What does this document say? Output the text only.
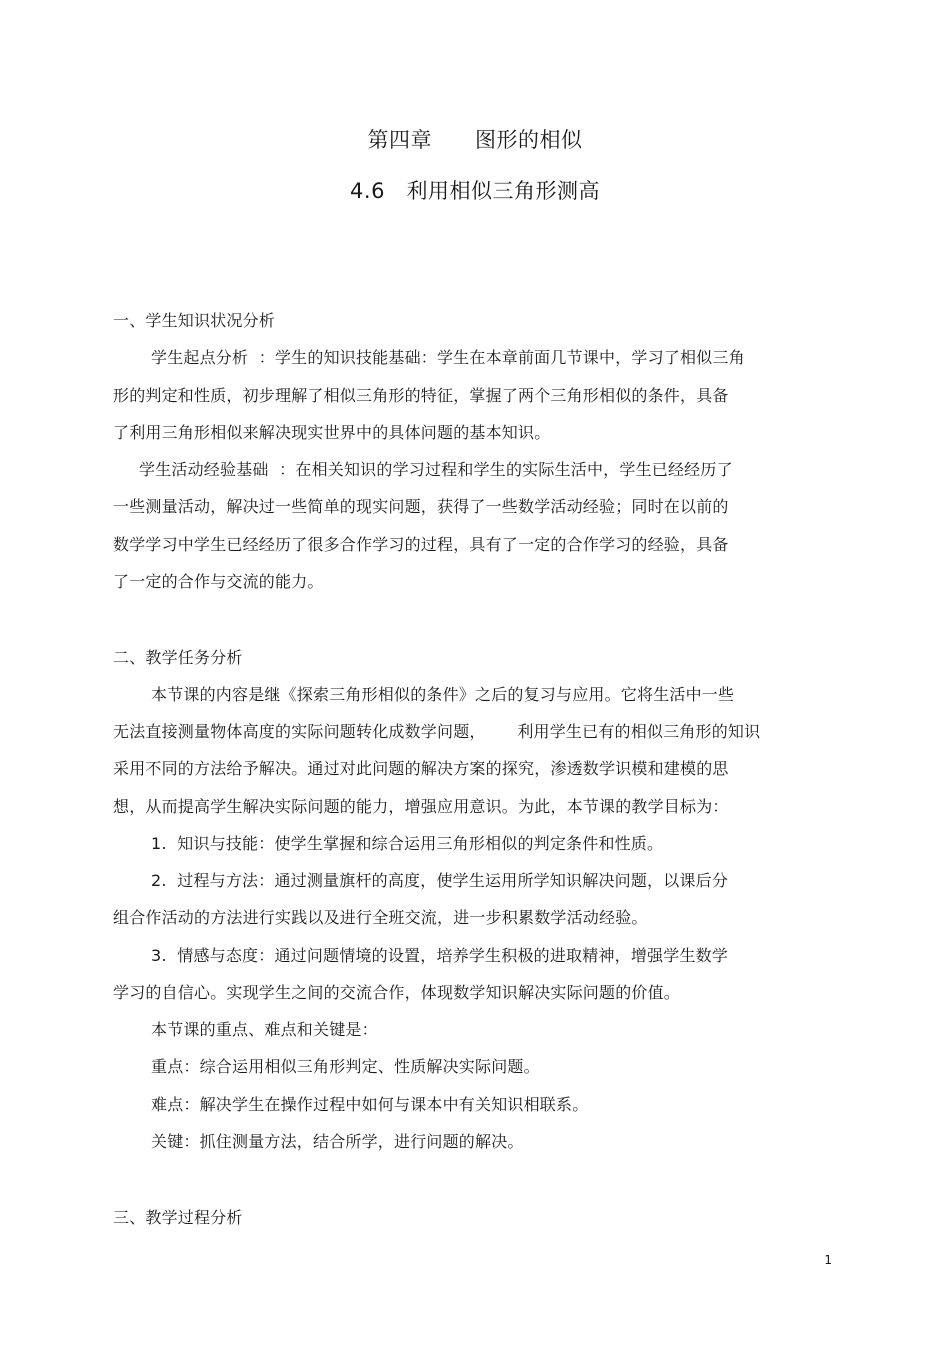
第四章      图形的相似
4.6   利用相似三角形测高
一、学生知识状况分析
学生起点分析  ：学生的知识技能基础：学生在本章前面几节课中，学习了相似三角
形的判定和性质，初步理解了相似三角形的特征，掌握了两个三角形相似的条件，具备
了利用三角形相似来解决现实世界中的具体问题的基本知识。
学生活动经验基础  ：在相关知识的学习过程和学生的实际生活中，学生已经经历了
一些测量活动，解决过一些简单的现实问题，获得了一些数学活动经验；同时在以前的
数学学习中学生已经经历了很多合作学习的过程，具有了一定的合作学习的经验，具备
了一定的合作与交流的能力。
二、教学任务分析
本节课的内容是继《探索三角形相似的条件》之后的复习与应用。它将生活中一些
无法直接测量物体高度的实际问题转化成数学问题，      利用学生已有的相似三角形的知识
采用不同的方法给予解决。通过对此问题的解决方案的探究，渗透数学识模和建模的思
想，从而提高学生解决实际问题的能力，增强应用意识。为此，本节课的教学目标为：
1.  知识与技能：使学生掌握和综合运用三角形相似的判定条件和性质。
2.  过程与方法：通过测量旗杆的高度，使学生运用所学知识解决问题，以课后分
组合作活动的方法进行实践以及进行全班交流，进一步积累数学活动经验。
3.  情感与态度：通过问题情境的设置，培养学生积极的进取精神，增强学生数学
学习的自信心。实现学生之间的交流合作，体现数学知识解决实际问题的价值。
本节课的重点、难点和关键是：
重点：综合运用相似三角形判定、性质解决实际问题。
难点：解决学生在操作过程中如何与课本中有关知识相联系。
关键：抓住测量方法，结合所学，进行问题的解决。
三、教学过程分析
1
